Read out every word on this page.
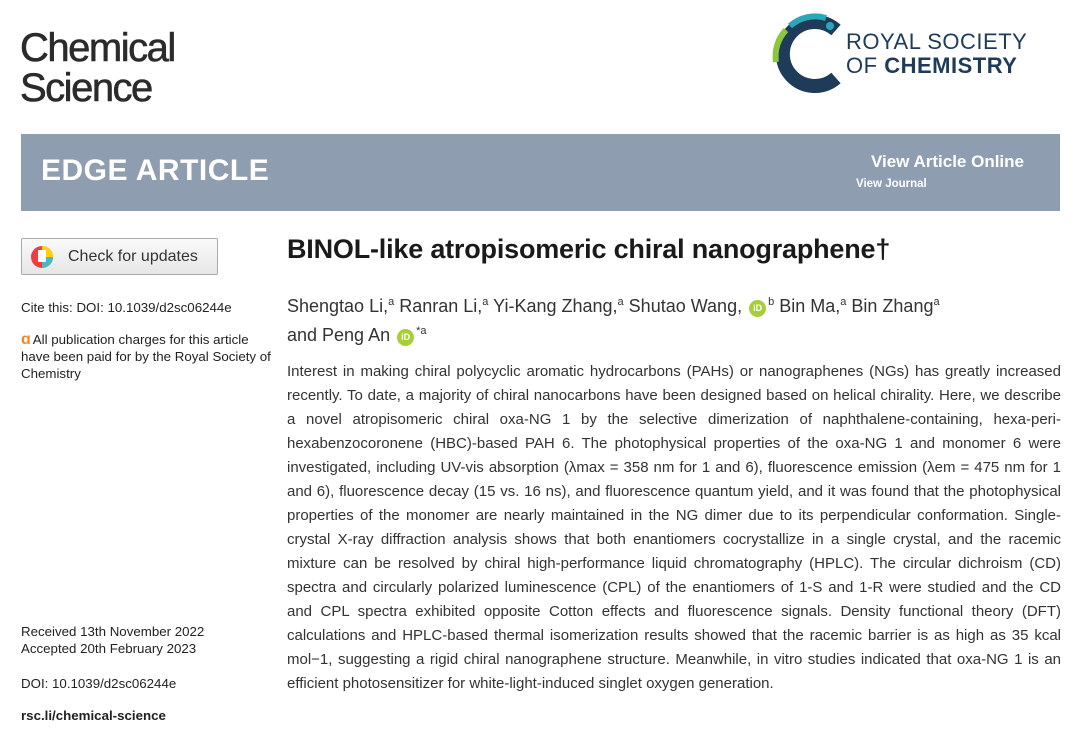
Chemical
Science
ROYAL SOCIETY
OF CHEMISTRY
EDGE ARTICLE	View Article Online
View Journal
Check for updates
Cite this: DOI: 10.1039/d2sc06244e
ɑ All publication charges for this article have been paid for by the Royal Society of Chemistry
Received 13th November 2022
Accepted 20th February 2023
DOI: 10.1039/d2sc06244e
rsc.li/chemical-science
BINOL-like atropisomeric chiral nanographene†
Shengtao Li,$^a$ Ranran Li,$^a$ Yi-Kang Zhang,$^a$ Shutao Wang, iD $^b$ Bin Ma,$^a$ Bin Zhang$^a$
and Peng An iD $^{*a}$

Interest in making chiral polycyclic aromatic hydrocarbons (PAHs) or nanographenes (NGs) has greatly increased recently. To date, a majority of chiral nanocarbons have been designed based on helical chirality. Here, we describe a novel atropisomeric chiral oxa-NG 1 by the selective dimerization of naphthalene-containing, hexa-peri-hexabenzocoronene (HBC)-based PAH 6. The photophysical properties of the oxa-NG 1 and monomer 6 were investigated, including UV-vis absorption (λmax = 358 nm for 1 and 6), fluorescence emission (λem = 475 nm for 1 and 6), fluorescence decay (15 vs. 16 ns), and fluorescence quantum yield, and it was found that the photophysical properties of the monomer are nearly maintained in the NG dimer due to its perpendicular conformation. Single-crystal X-ray diffraction analysis shows that both enantiomers cocrystallize in a single crystal, and the racemic mixture can be resolved by chiral high-performance liquid chromatography (HPLC). The circular dichroism (CD) spectra and circularly polarized luminescence (CPL) of the enantiomers of 1-S and 1-R were studied and the CD and CPL spectra exhibited opposite Cotton effects and fluorescence signals. Density functional theory (DFT) calculations and HPLC-based thermal isomerization results showed that the racemic barrier is as high as 35 kcal mol−1, suggesting a rigid chiral nanographene structure. Meanwhile, in vitro studies indicated that oxa-NG 1 is an efficient photosensitizer for white-light-induced singlet oxygen generation.
